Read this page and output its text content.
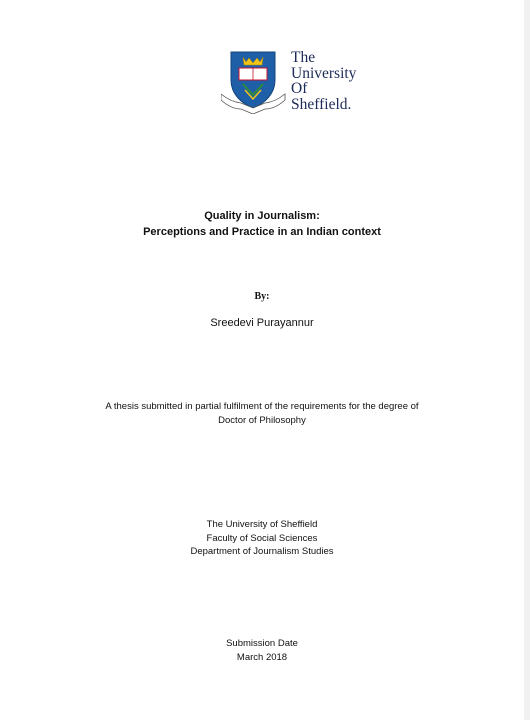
The
University
Of
Sheffield.
Quality in Journalism:
Perceptions and Practice in an Indian context
By:
Sreedevi Purayannur
A thesis submitted in partial fulfilment of the requirements for the degree of
Doctor of Philosophy
The University of Sheffield
Faculty of Social Sciences
Department of Journalism Studies
Submission Date
March 2018
